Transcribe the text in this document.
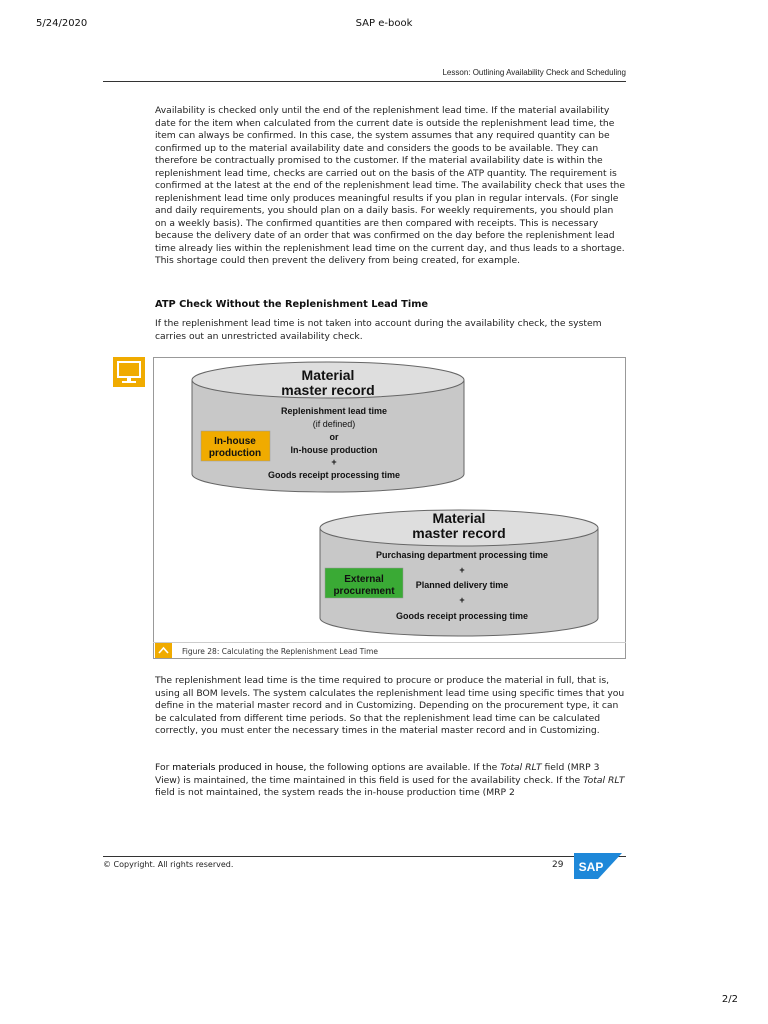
5/24/2020	SAP e-book
Lesson: Outlining Availability Check and Scheduling

Availability is checked only until the end of the replenishment lead time. If the material availability date for the item when calculated from the current date is outside the replenishment lead time, the item can always be confirmed. In this case, the system assumes that any required quantity can be confirmed up to the material availability date and considers the goods to be available. They can therefore be contractually promised to the customer. If the material availability date is within the replenishment lead time, checks are carried out on the basis of the ATP quantity. The requirement is confirmed at the latest at the end of the replenishment lead time. The availability check that uses the replenishment lead time only produces meaningful results if you plan in regular intervals. (For single and daily requirements, you should plan on a daily basis. For weekly requirements, you should plan on a weekly basis). The confirmed quantities are then compared with receipts. This is necessary because the delivery date of an order that was confirmed on the day before the replenishment lead time already lies within the replenishment lead time on the current day, and thus leads to a shortage. This shortage could then prevent the delivery from being created, for example.

ATP Check Without the Replenishment Lead Time

If the replenishment lead time is not taken into account during the availability check, the system carries out an unrestricted availability check.

Material
master record
In-house
production
Replenishment lead time
(if defined)
or
In-house production
+
Goods receipt processing time
Material
master record
External
procurement
Purchasing department processing time
+
Planned delivery time
+
Goods receipt processing time
Figure 28: Calculating the Replenishment Lead Time

The replenishment lead time is the time required to procure or produce the material in full, that is, using all BOM levels. The system calculates the replenishment lead time using specific times that you define in the material master record and in Customizing. Depending on the procurement type, it can be calculated from different time periods. So that the replenishment lead time can be calculated correctly, you must enter the necessary times in the material master record and in Customizing.

For materials produced in house, the following options are available. If the Total RLT field (MRP 3 View) is maintained, the time maintained in this field is used for the availability check. If the Total RLT field is not maintained, the system reads the in-house production time (MRP 2

© Copyright. All rights reserved.	29 SAP
2/2
